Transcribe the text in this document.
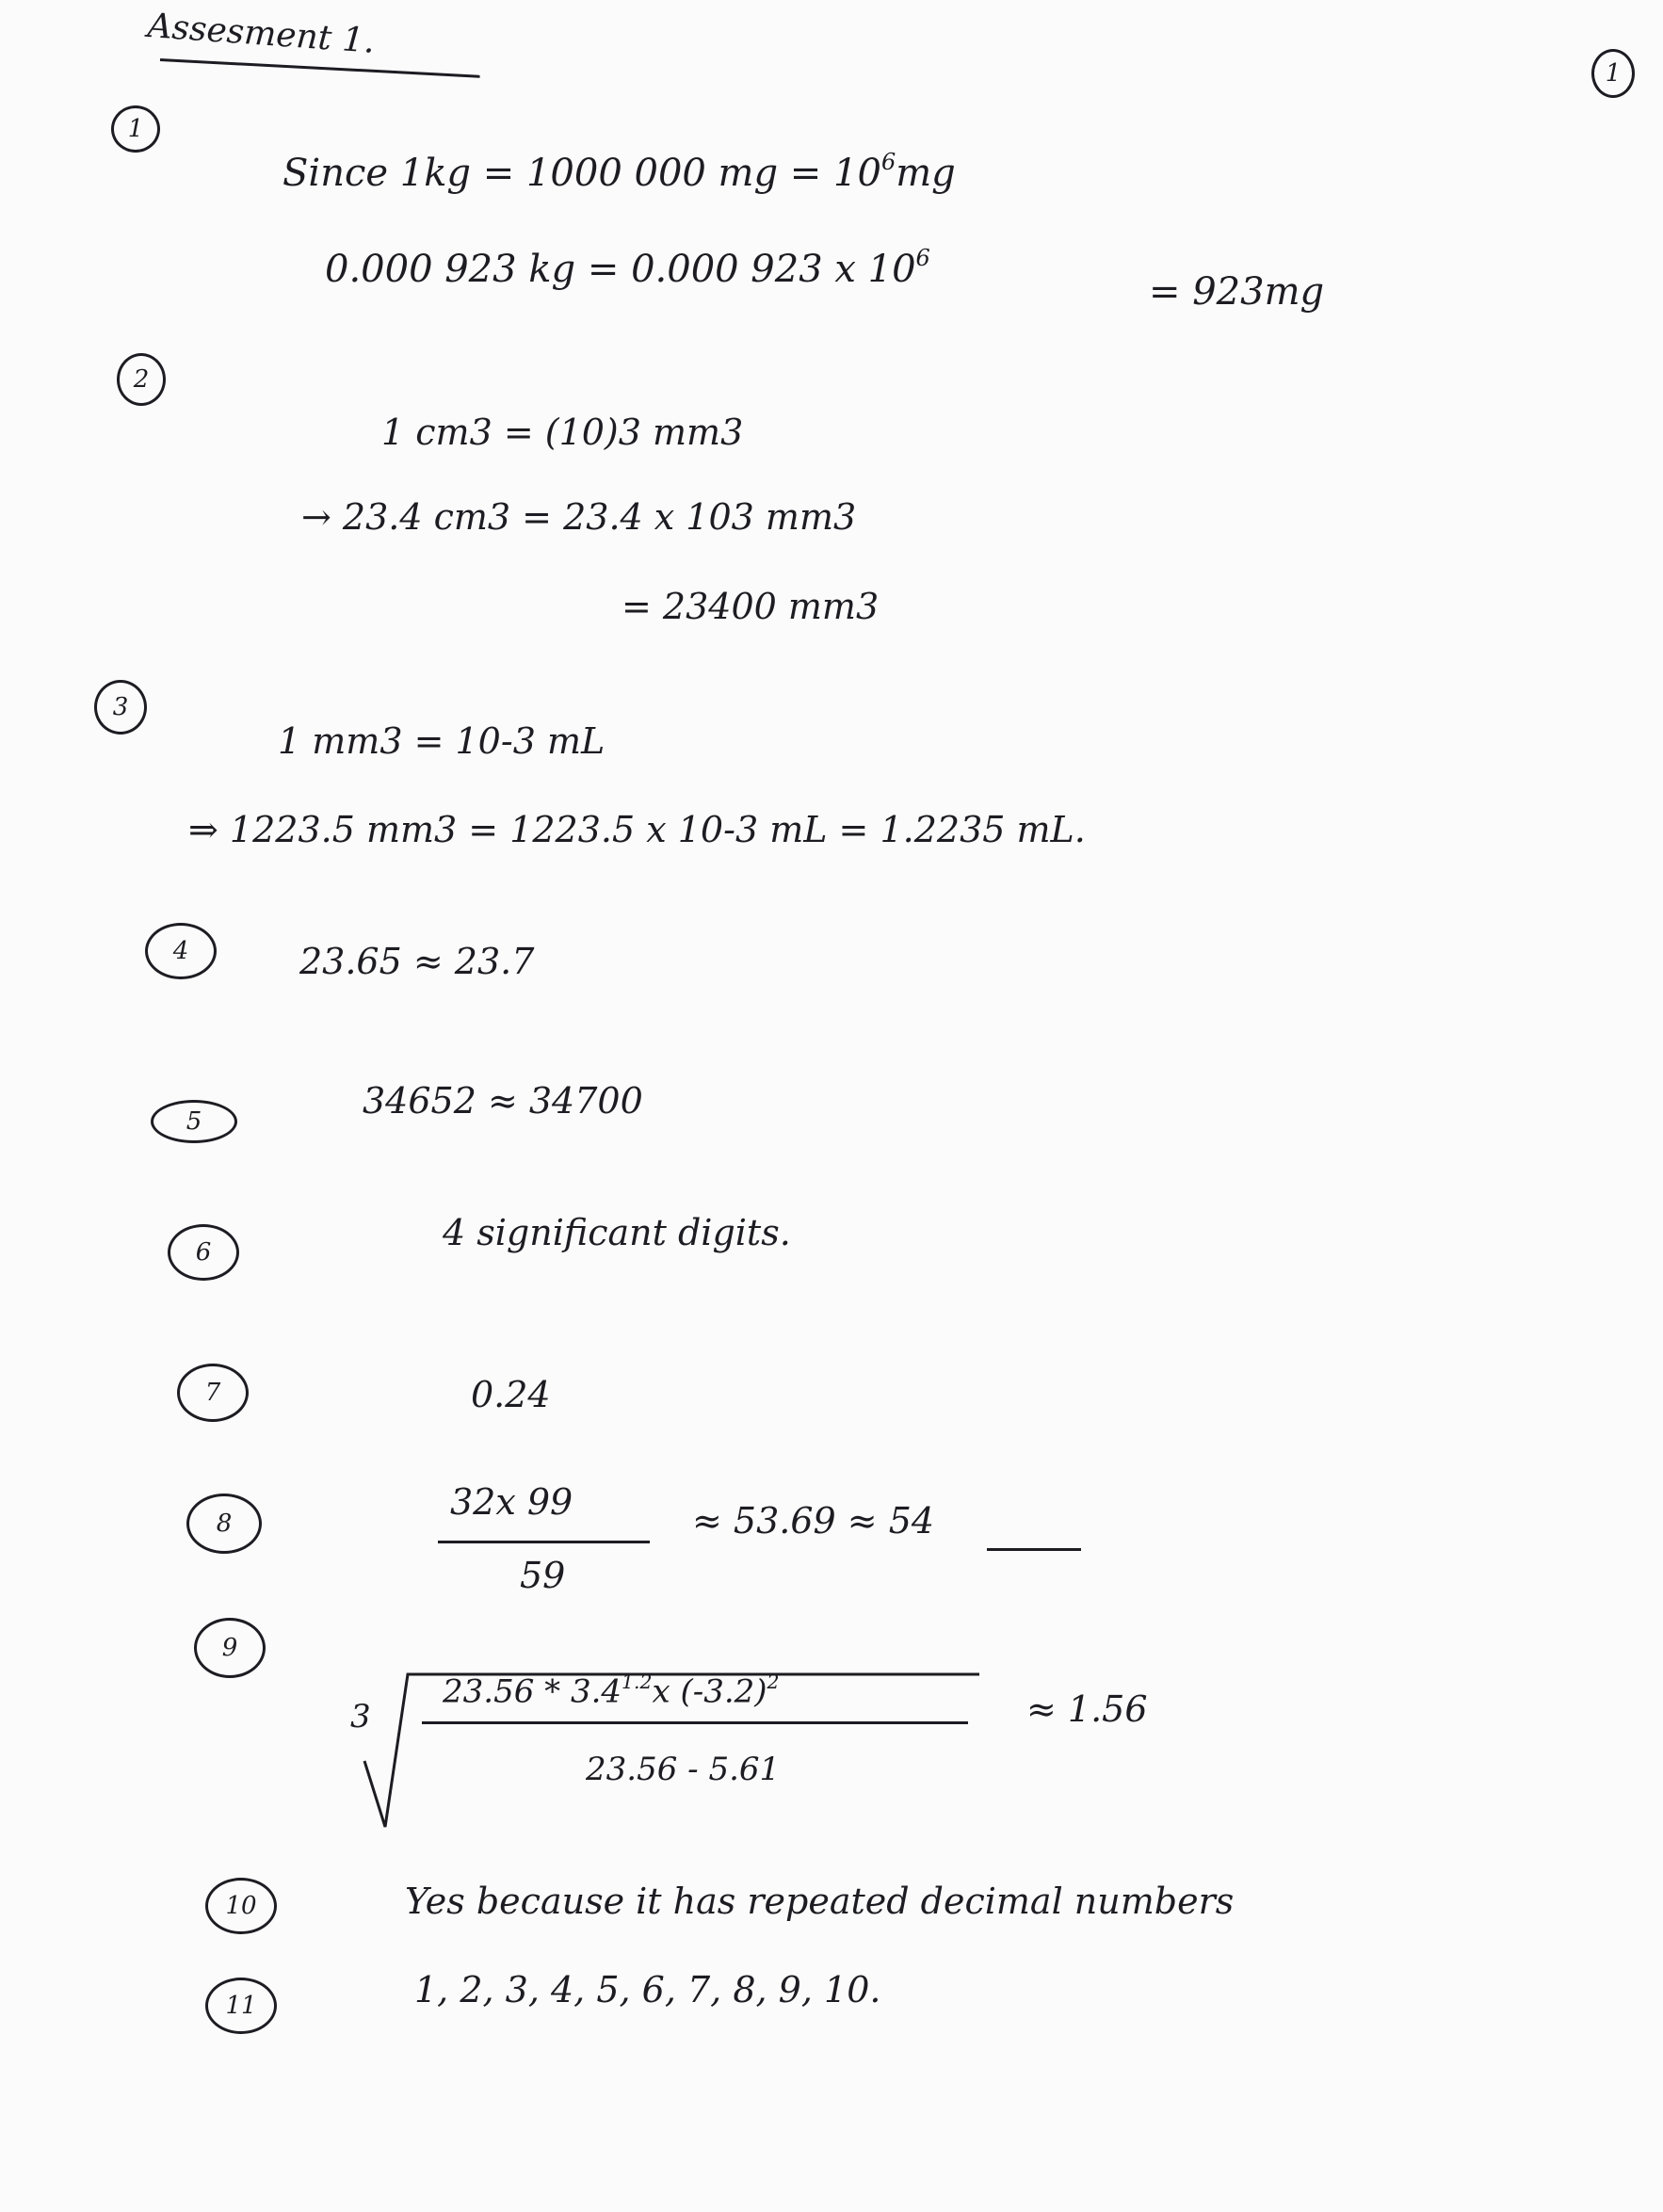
Assesment 1.
1
1
Since 1kg = 1000 000 mg = $10^6mg$
0.000 923 kg = 0.000 923 x $10^6$
= 923mg
2
1 cm3 = (10)3 mm3
→ 23.4 cm3 = 23.4 x 103 mm3
= 23400 mm3
3
1 mm3 = 10-3 mL
⇒ 1223.5 mm3 = 1223.5 x 10-3 mL = 1.2235 mL.
4	23.65 ≈ 23.7
5	34652 ≈ 34700
6	4 significant digits.
7	0.24
8
32x 99
59
≈ 53.69 ≈ 54
9
3
$23.56 * 3.4^{1.2}x$ $(-3.2)^2$
23.56 - 5.61
≈ 1.56
10	Yes because it has repeated decimal numbers
11	1, 2, 3, 4, 5, 6, 7, 8, 9, 10.
